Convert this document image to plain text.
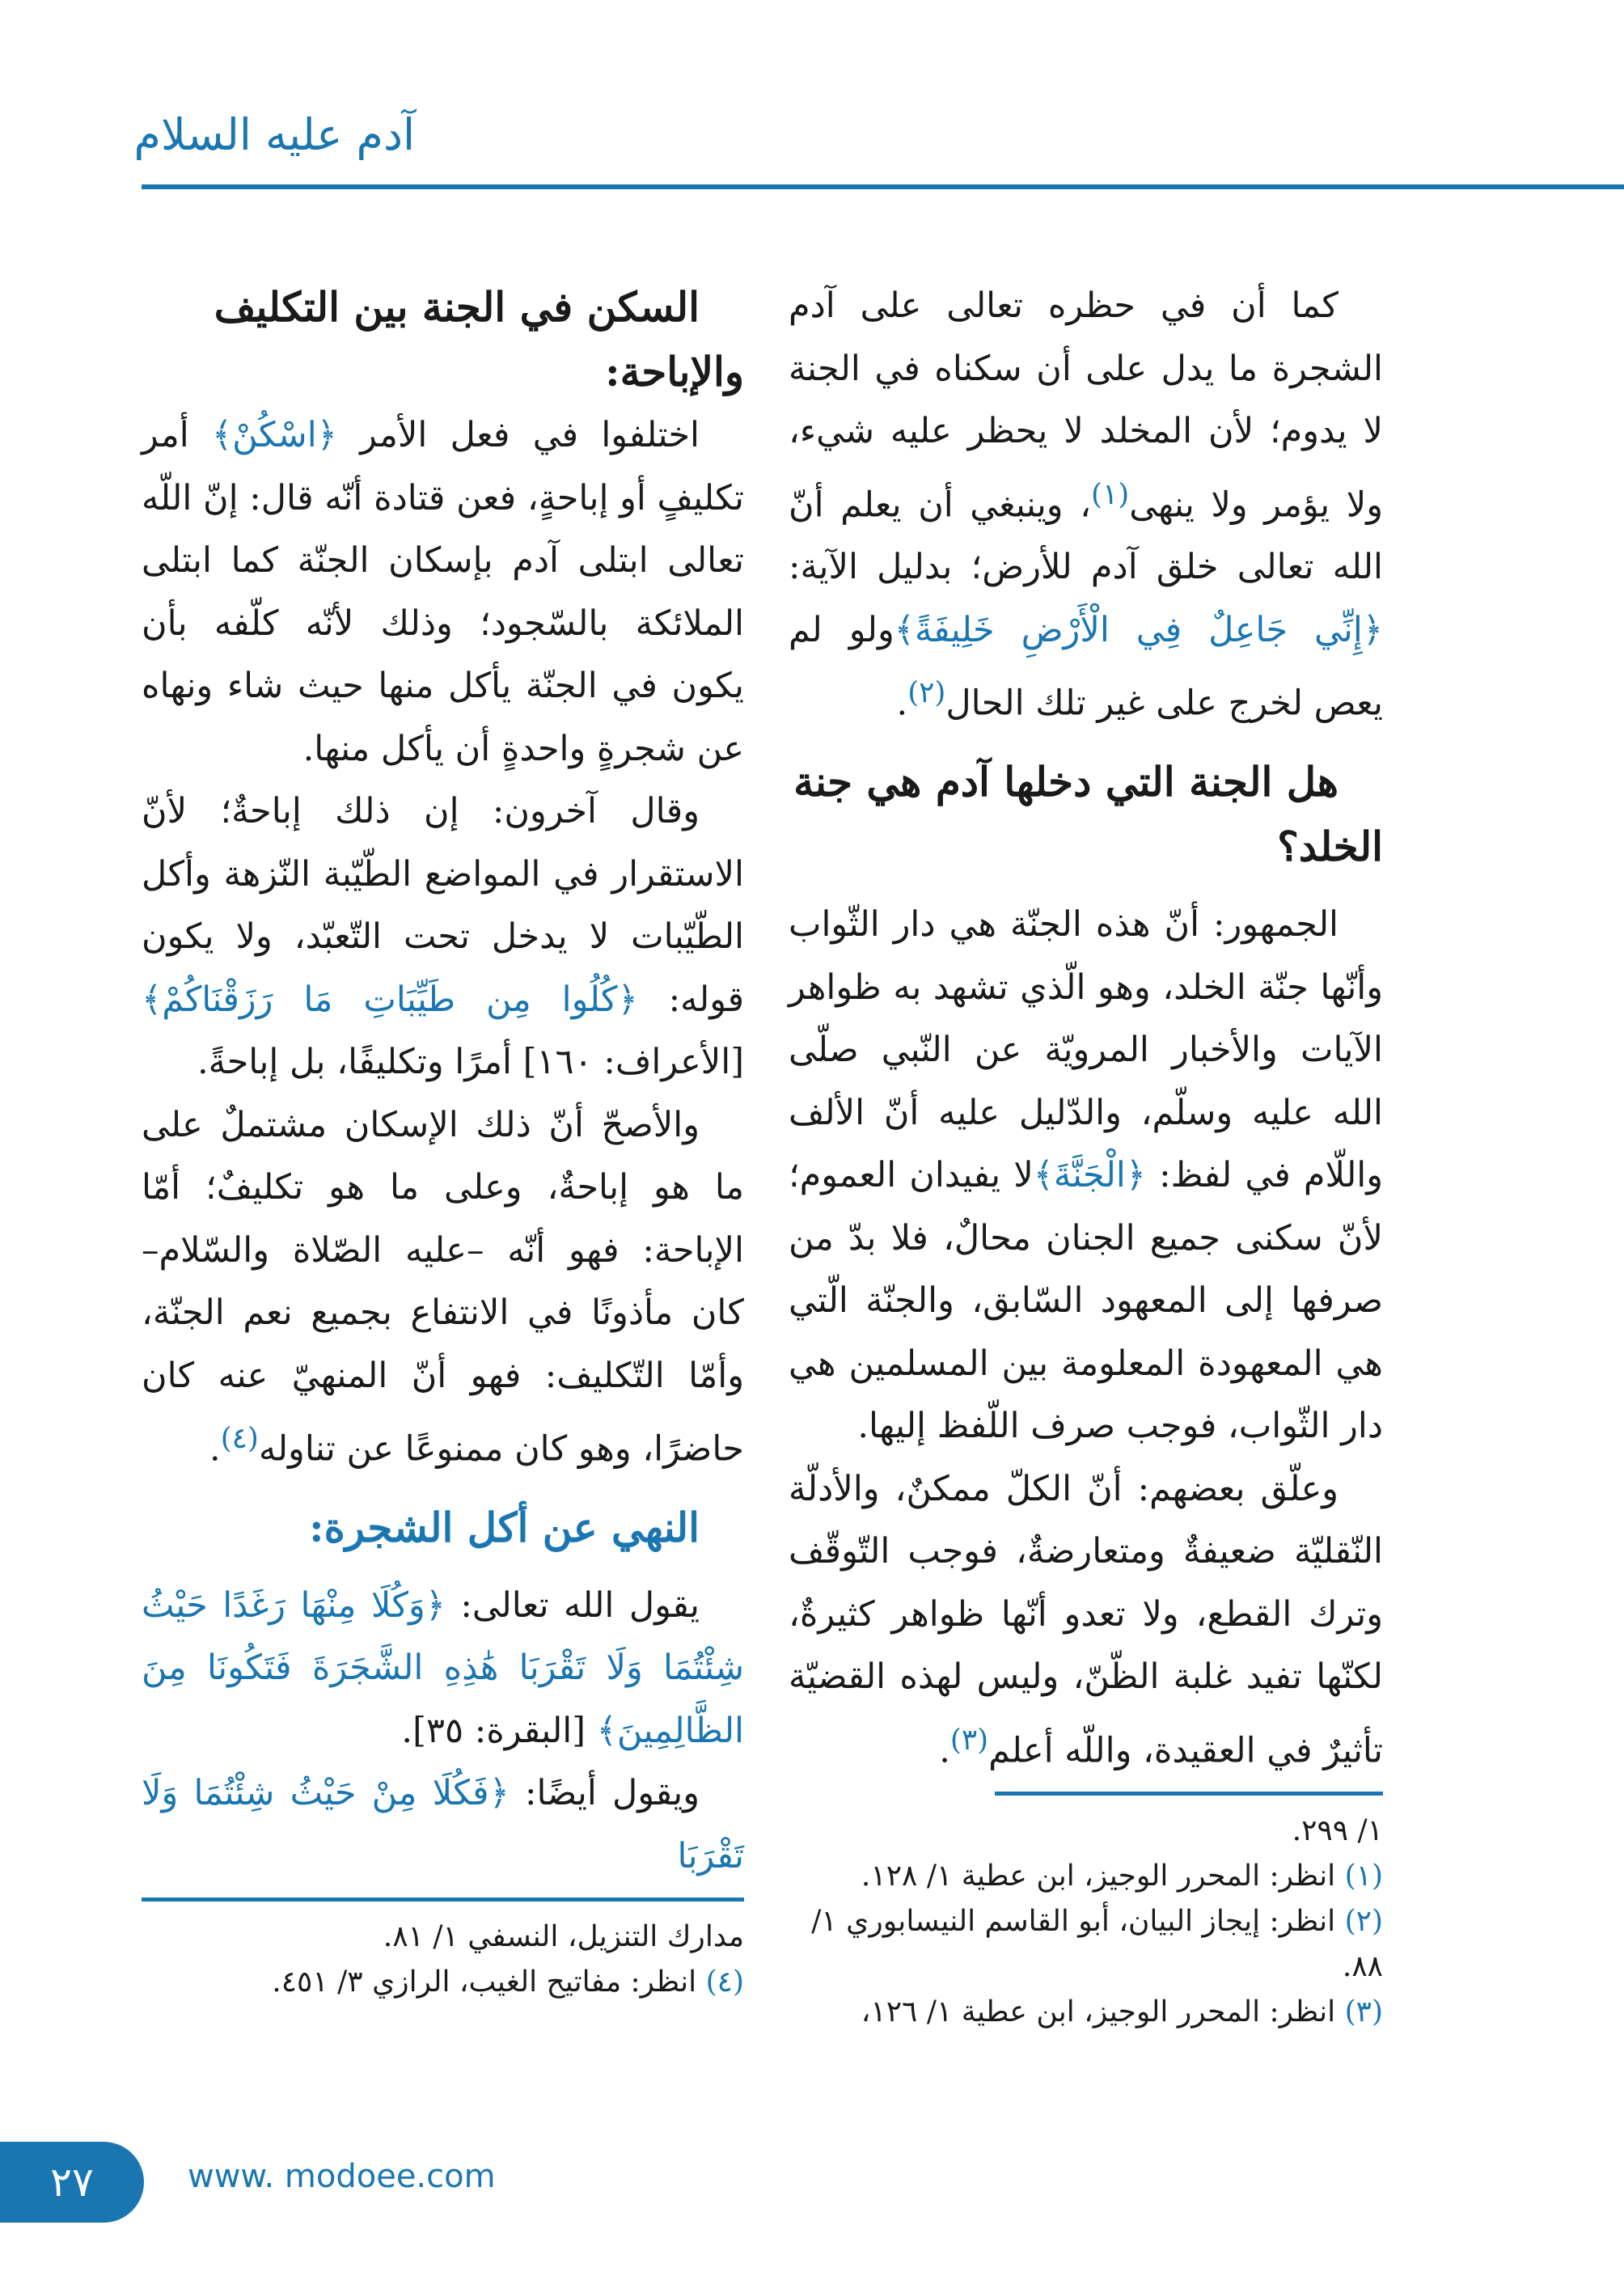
آدم عليه السلام

كما أن في حظره تعالى على آدم الشجرة ما يدل على أن سكناه في الجنة لا يدوم؛ لأن المخلد لا يحظر عليه شيء، ولا يؤمر ولا ينهى$^{(١)}$، وينبغي أن يعلم أنّ الله تعالى خلق آدم للأرض؛ بدليل الآية: ﴿إِنِّي جَاعِلٌ فِي الْأَرْضِ خَلِيفَةً﴾ولو لم يعص لخرج على غير تلك الحال$^{(٢)}$.

هل الجنة التي دخلها آدم هي جنة الخلد؟

الجمهور: أنّ هذه الجنّة هي دار الثّواب وأنّها جنّة الخلد، وهو الّذي تشهد به ظواهر الآيات والأخبار المرويّة عن النّبي صلّى الله عليه وسلّم، والدّليل عليه أنّ الألف واللّام في لفظ: ﴿الْجَنَّةَ﴾لا يفيدان العموم؛ لأنّ سكنى جميع الجنان محالٌ، فلا بدّ من صرفها إلى المعهود السّابق، والجنّة الّتي هي المعهودة المعلومة بين المسلمين هي دار الثّواب، فوجب صرف اللّفظ إليها.

وعلّق بعضهم: أنّ الكلّ ممكنٌ، والأدلّة النّقليّة ضعيفةٌ ومتعارضةٌ، فوجب التّوقّف وترك القطع، ولا تعدو أنّها ظواهر كثيرةٌ، لكنّها تفيد غلبة الظّنّ، وليس لهذه القضيّة تأثيرٌ في العقيدة، واللّه أعلم$^{(٣)}$.

١/ ٢٩٩.
(١) انظر: المحرر الوجيز، ابن عطية ١/ ١٢٨.
(٢) انظر: إيجاز البيان، أبو القاسم النيسابوري ١/ ٨٨.
(٣) انظر: المحرر الوجيز، ابن عطية ١/ ١٢٦،
السكن في الجنة بين التكليف والإباحة:

اختلفوا في فعل الأمر ﴿اسْكُنْ﴾ أمر تكليفٍ أو إباحةٍ، فعن قتادة أنّه قال: إنّ اللّه تعالى ابتلى آدم بإسكان الجنّة كما ابتلى الملائكة بالسّجود؛ وذلك لأنّه كلّفه بأن يكون في الجنّة يأكل منها حيث شاء ونهاه عن شجرةٍ واحدةٍ أن يأكل منها.

وقال آخرون: إن ذلك إباحةٌ؛ لأنّ الاستقرار في المواضع الطّيّبة النّزهة وأكل الطّيّبات لا يدخل تحت التّعبّد، ولا يكون قوله: ﴿كُلُوا مِن طَيِّبَاتِ مَا رَزَقْنَاكُمْ﴾[الأعراف: ١٦٠] أمرًا وتكليفًا، بل إباحةً.

والأصحّ أنّ ذلك الإسكان مشتملٌ على ما هو إباحةٌ، وعلى ما هو تكليفٌ؛ أمّا الإباحة: فهو أنّه –عليه الصّلاة والسّلام– كان مأذونًا في الانتفاع بجميع نعم الجنّة، وأمّا التّكليف: فهو أنّ المنهيّ عنه كان حاضرًا، وهو كان ممنوعًا عن تناوله$^{(٤)}$.

النهي عن أكل الشجرة:

يقول الله تعالى: ﴿وَكُلَا مِنْهَا رَغَدًا حَيْثُ شِئْتُمَا وَلَا تَقْرَبَا هَٰذِهِ الشَّجَرَةَ فَتَكُونَا مِنَ الظَّالِمِينَ﴾ [البقرة: ٣٥].

ويقول أيضًا: ﴿فَكُلَا مِنْ حَيْثُ شِئْتُمَا وَلَا تَقْرَبَا

مدارك التنزيل، النسفي ١/ ٨١.
(٤) انظر: مفاتيح الغيب، الرازي ٣/ ٤٥١.
٢٧	www. modoee.com
